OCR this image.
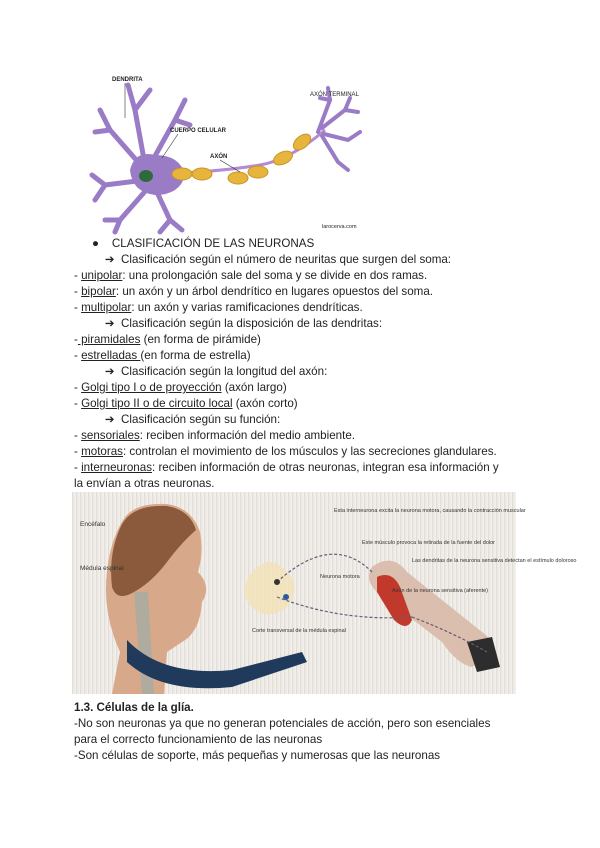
DENDRITA
CUERPO CELULAR
AXÓN
AXÓN TERMINAL
larocerva.com
●    CLASIFICACIÓN DE LAS NEURONAS
➔  Clasificación según el número de neuritas que surgen del soma:
- unipolar: una prolongación sale del soma y se divide en dos ramas.
- bipolar: un axón y un árbol dendrítico en lugares opuestos del soma.
- multipolar: un axón y varias ramificaciones dendríticas.
➔  Clasificación según la disposición de las dendritas:
- piramidales (en forma de pirámide)
- estrelladas (en forma de estrella)
➔  Clasificación según la longitud del axón:
- Golgi tipo I o de proyección (axón largo)
- Golgi tipo II o de circuito local (axón corto)
➔  Clasificación según su función:
- sensoriales: reciben información del medio ambiente.
- motoras: controlan el movimiento de los músculos y las secreciones glandulares.
- interneuronas: reciben información de otras neuronas, integran esa información y
la envían a otras neuronas.
Encéfalo
Médula espinal
Esta interneurona excita la neurona motora, causando la contracción muscular
Este músculo provoca la retirada de la fuente del dolor
Las dendritas de la neurona sensitiva detectan el estímulo doloroso
Neurona motora
Axón de la neurona sensitiva (aferente)
Corte transversal de la médula espinal
1.3. Células de la glía.
-No son neuronas ya que no generan potenciales de acción, pero son esenciales
para el correcto funcionamiento de las neuronas
-Son células de soporte, más pequeñas y numerosas que las neuronas
